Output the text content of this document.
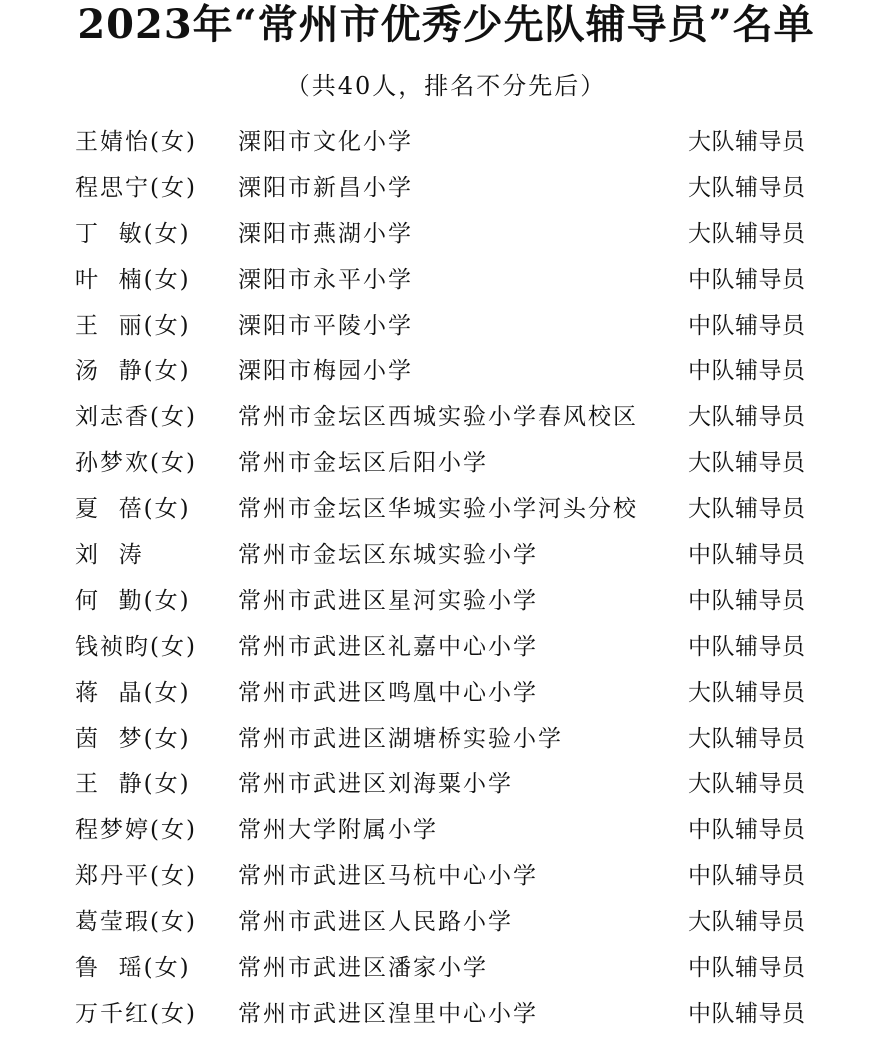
2023年“常州市优秀少先队辅导员”名单
（共40人，排名不分先后）
王婧怡(女) 溧阳市文化小学	大队辅导员
程思宁(女) 溧阳市新昌小学	大队辅导员
丁  敏(女) 溧阳市燕湖小学	大队辅导员
叶  楠(女) 溧阳市永平小学	中队辅导员
王  丽(女) 溧阳市平陵小学	中队辅导员
汤  静(女) 溧阳市梅园小学	中队辅导员
刘志香(女) 常州市金坛区西城实验小学春风校区 大队辅导员
孙梦欢(女) 常州市金坛区后阳小学	大队辅导员
夏  蓓(女) 常州市金坛区华城实验小学河头分校 大队辅导员
刘  涛	常州市金坛区东城实验小学	中队辅导员
何  勤(女) 常州市武进区星河实验小学	中队辅导员
钱祯昀(女) 常州市武进区礼嘉中心小学	中队辅导员
蒋  晶(女) 常州市武进区鸣凰中心小学	大队辅导员
茵  梦(女) 常州市武进区湖塘桥实验小学	大队辅导员
王  静(女) 常州市武进区刘海粟小学	大队辅导员
程梦婷(女) 常州大学附属小学	中队辅导员
郑丹平(女) 常州市武进区马杭中心小学	中队辅导员
葛莹瑕(女) 常州市武进区人民路小学	大队辅导员
鲁  瑶(女) 常州市武进区潘家小学	中队辅导员
万千红(女) 常州市武进区湟里中心小学	中队辅导员
